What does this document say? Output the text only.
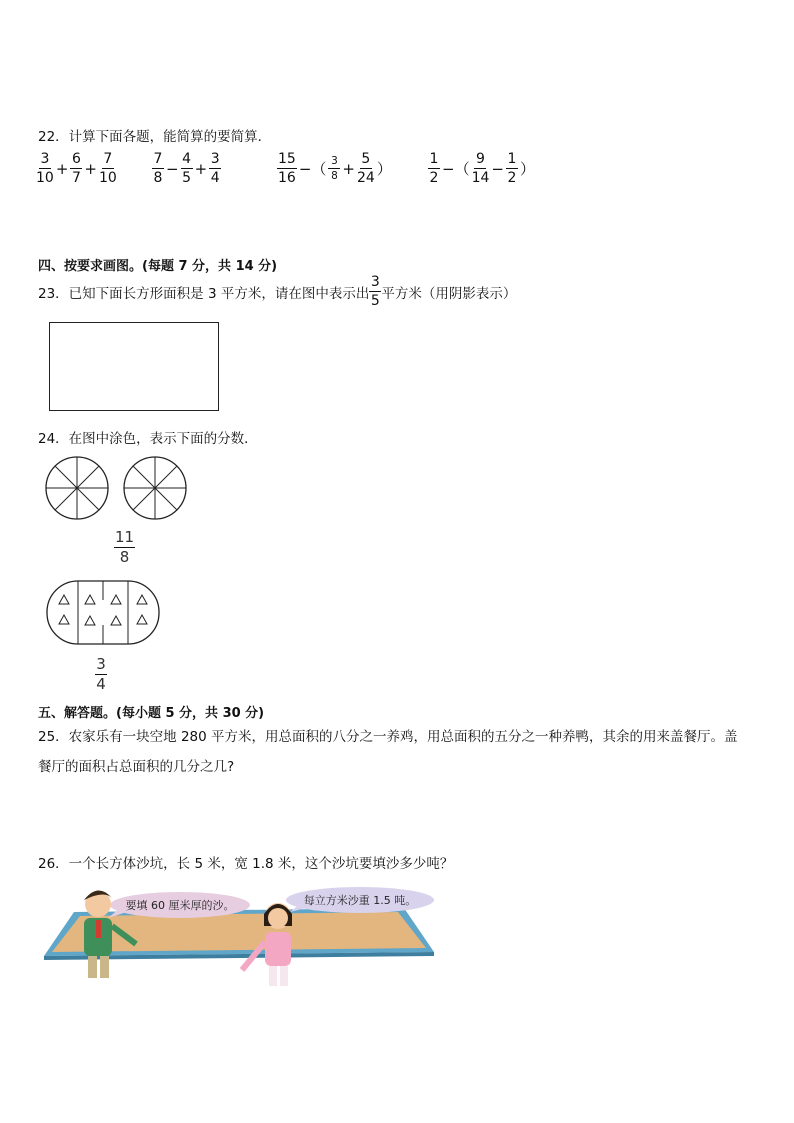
22．计算下面各题，能简算的要简算．
$\frac{3}{10} + \frac{6}{7} + \frac{7}{10}$	$\frac{7}{8} - \frac{4}{5} + \frac{3}{4}$	$\frac{15}{16}$ −（ $\frac{3}{8} + \frac{5}{24}$ ）	$\frac{1}{2}$ −（ $\frac{9}{14} - \frac{1}{2}$ ）
四、按要求画图。(每题 7 分，共 14 分)
23．已知下面长方形面积是 3 平方米，请在图中表示出 $\frac{3}{5}$ 平方米（用阴影表示）
24．在图中涂色，表示下面的分数．
$\frac{11}{8}$
$\frac{3}{4}$
五、解答题。(每小题 5 分，共 30 分)
25．农家乐有一块空地 280 平方米，用总面积的八分之一养鸡，用总面积的五分之一种养鸭，其余的用来盖餐厅。盖
餐厅的面积占总面积的几分之几?
26．一个长方体沙坑，长 5 米，宽 1.8 米，这个沙坑要填沙多少吨？
要填 60 厘米厚的沙。	每立方米沙重 1.5 吨。
